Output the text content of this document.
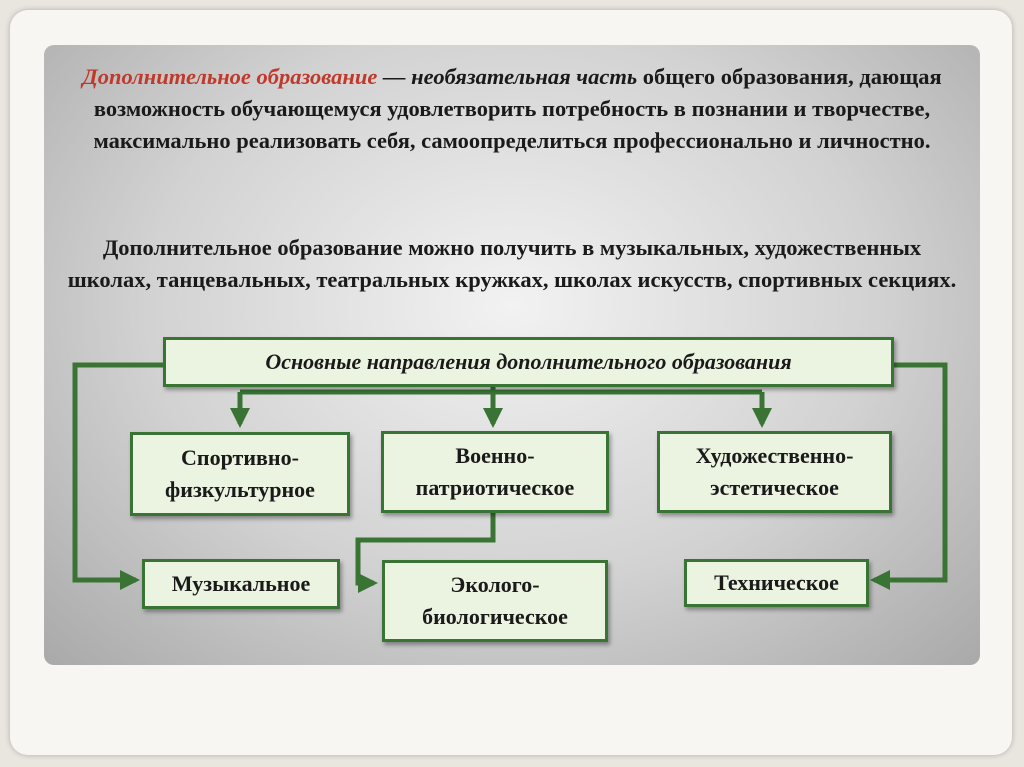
Дополнительное образование — необязательная часть общего образования, дающая возможность обучающемуся удовлетворить потребность в познании и творчестве, максимально реализовать себя, самоопределиться профессионально и личностно.
Дополнительное образование можно получить в музыкальных, художественных школах, танцевальных, театральных кружках, школах искусств, спортивных секциях.
Основные направления дополнительного образования
Спортивно-
физкультурное
Военно-
патриотическое
Художественно-
эстетическое
Музыкальное	Эколого-
биологическое
Техническое
